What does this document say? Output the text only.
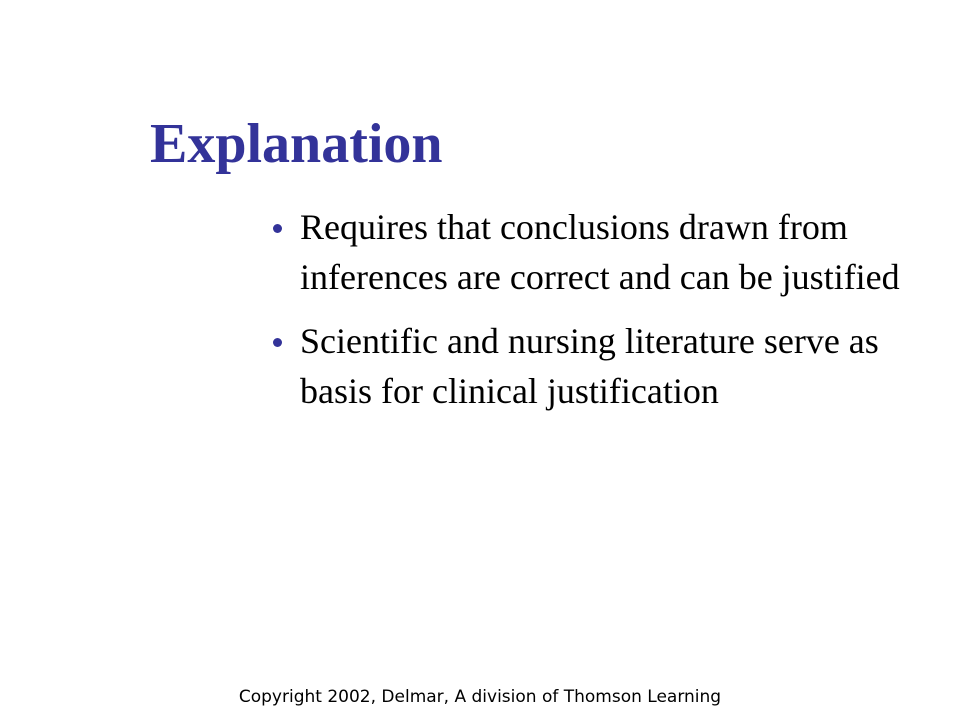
Explanation
Requires that conclusions drawn from inferences are correct and can be justified
Scientific and nursing literature serve as basis for clinical justification

Copyright 2002, Delmar, A division of Thomson Learning
